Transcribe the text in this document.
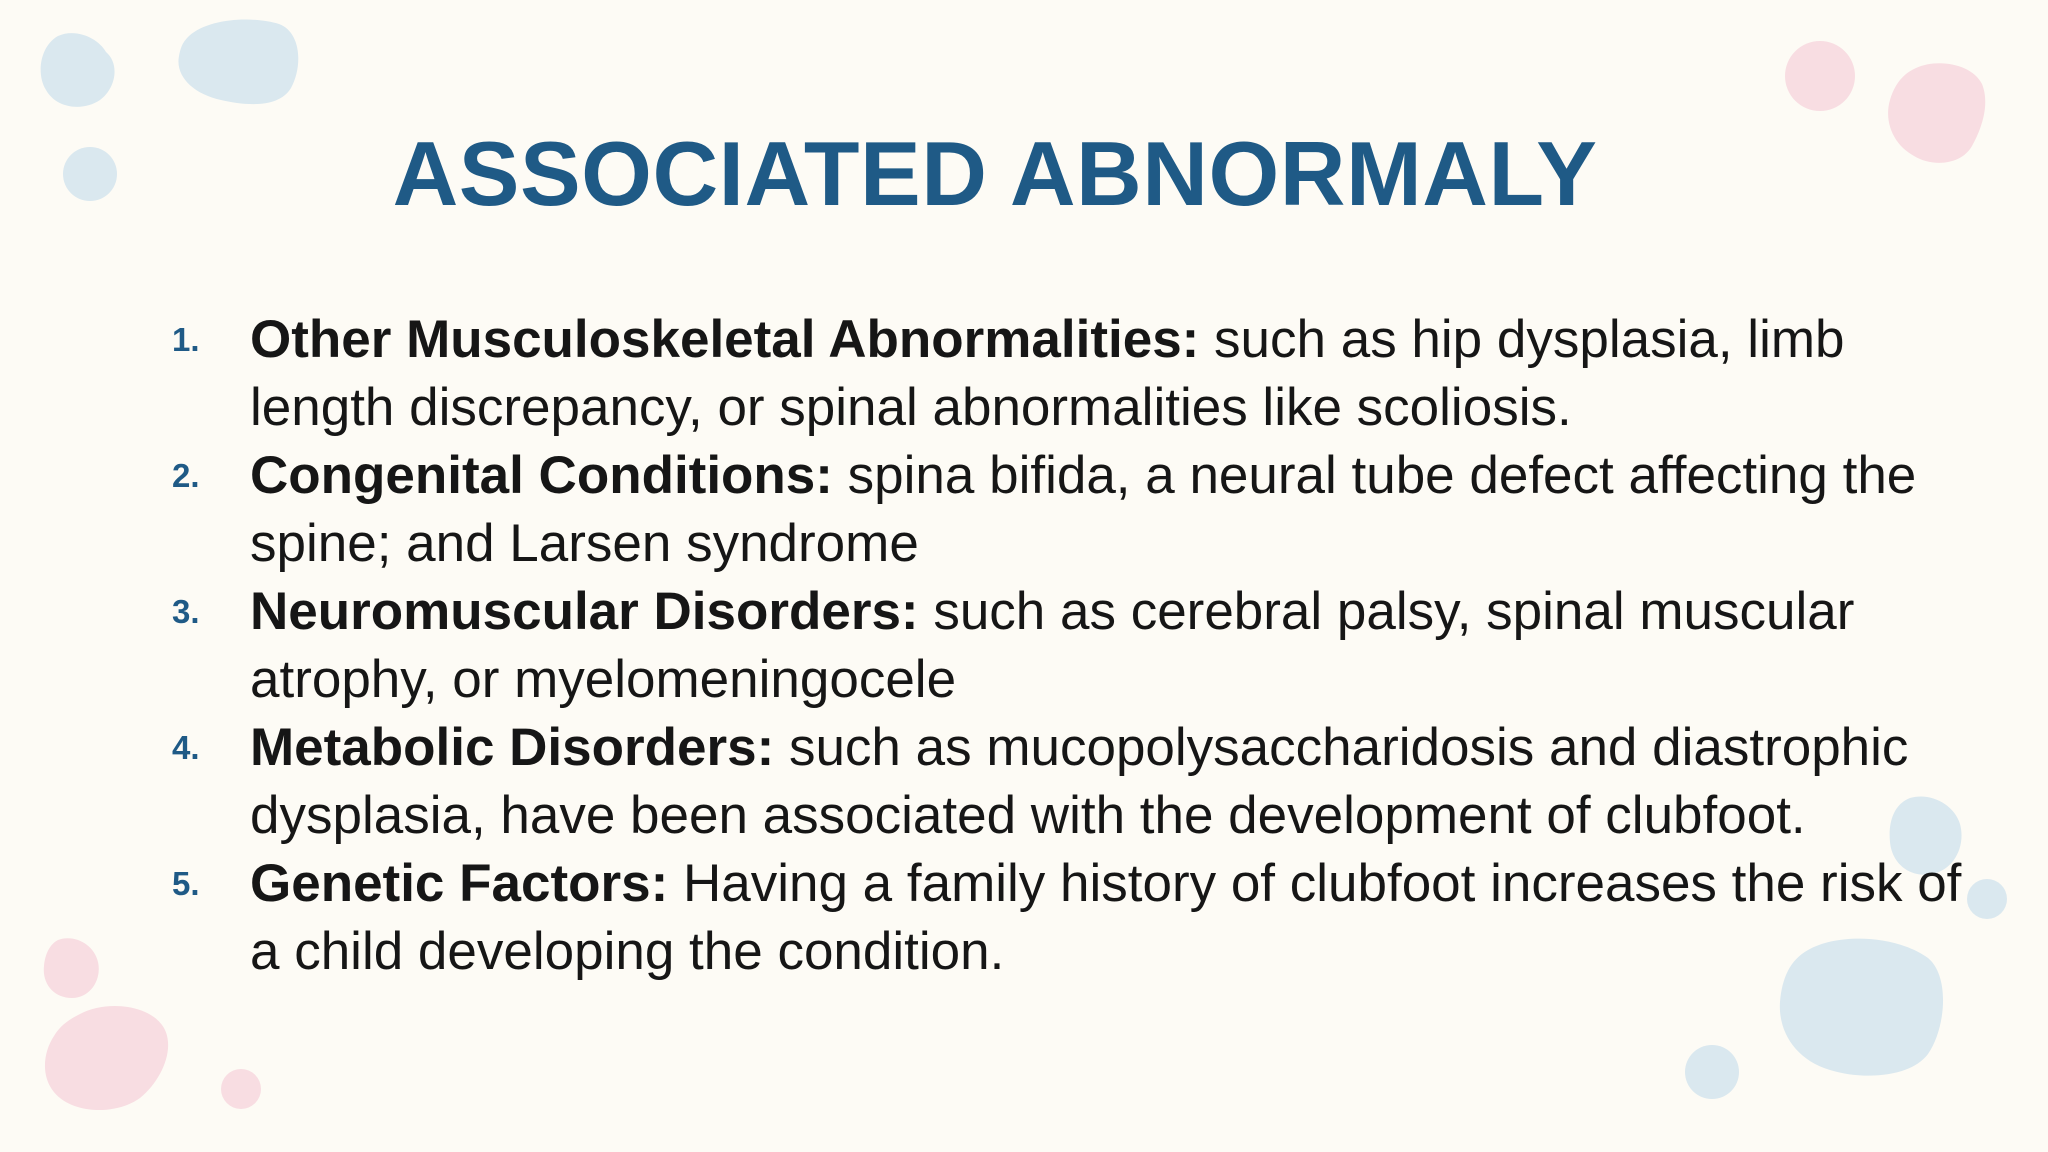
ASSOCIATED ABNORMALY
1. Other Musculoskeletal Abnormalities: such as hip dysplasia, limb length discrepancy, or spinal abnormalities like scoliosis.
2. Congenital Conditions: spina bifida, a neural tube defect affecting the spine; and Larsen syndrome
3. Neuromuscular Disorders: such as cerebral palsy, spinal muscular atrophy, or myelomeningocele
4. Metabolic Disorders: such as mucopolysaccharidosis and diastrophic dysplasia, have been associated with the development of clubfoot.
5. Genetic Factors: Having a family history of clubfoot increases the risk of a child developing the condition.
